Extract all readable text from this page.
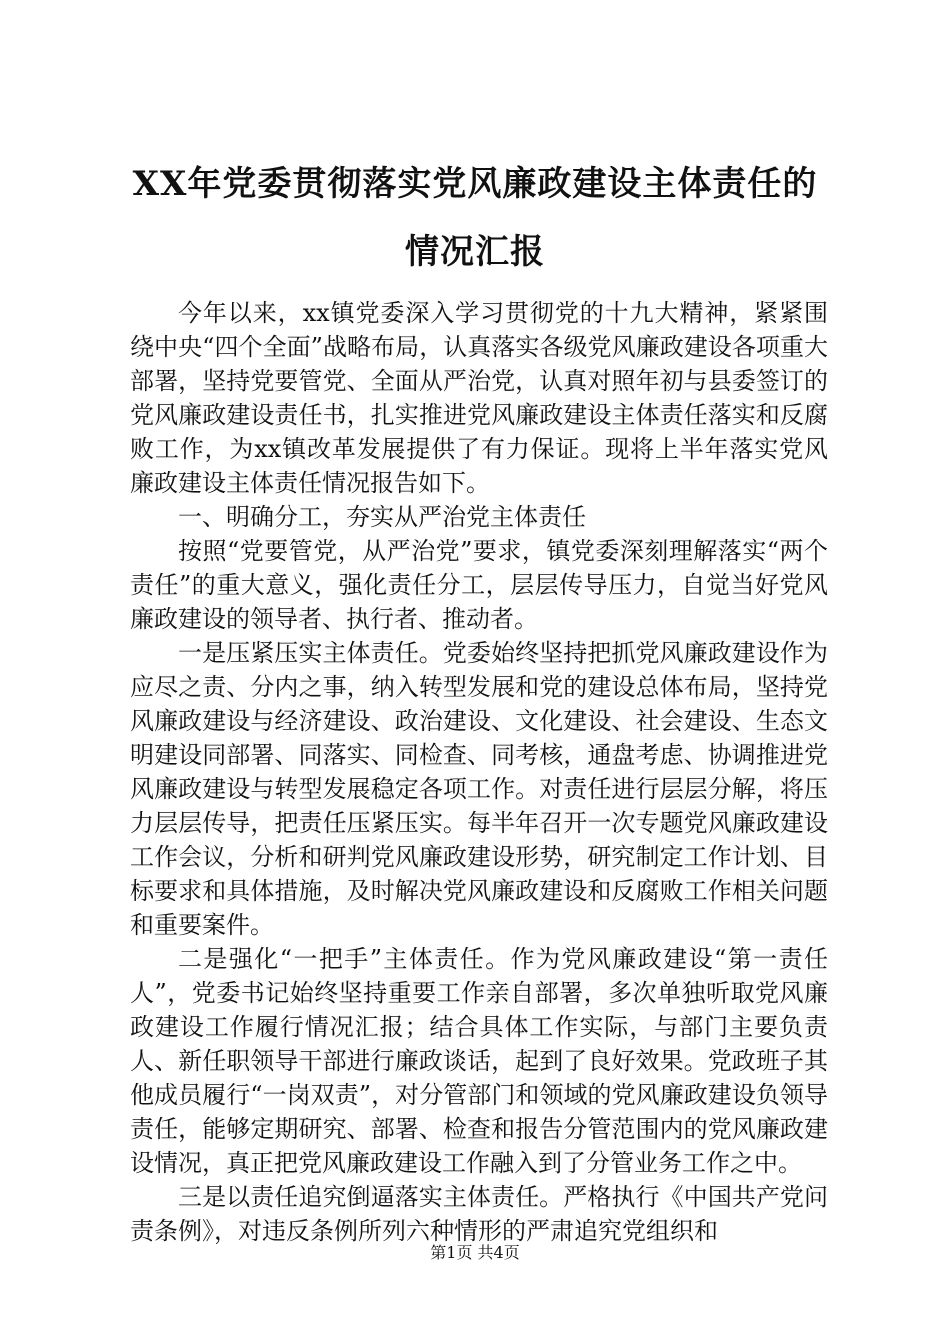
XX年党委贯彻落实党风廉政建设主体责任的
情况汇报

今年以来，xx镇党委深入学习贯彻党的十九大精神，紧紧围绕中央“四个全面”战略布局，认真落实各级党风廉政建设各项重大部署，坚持党要管党、全面从严治党，认真对照年初与县委签订的党风廉政建设责任书，扎实推进党风廉政建设主体责任落实和反腐败工作，为xx镇改革发展提供了有力保证。现将上半年落实党风廉政建设主体责任情况报告如下。

一、明确分工，夯实从严治党主体责任

按照“党要管党，从严治党”要求，镇党委深刻理解落实“两个责任”的重大意义，强化责任分工，层层传导压力，自觉当好党风廉政建设的领导者、执行者、推动者。

一是压紧压实主体责任。党委始终坚持把抓党风廉政建设作为应尽之责、分内之事，纳入转型发展和党的建设总体布局，坚持党风廉政建设与经济建设、政治建设、文化建设、社会建设、生态文明建设同部署、同落实、同检查、同考核，通盘考虑、协调推进党风廉政建设与转型发展稳定各项工作。对责任进行层层分解，将压力层层传导，把责任压紧压实。每半年召开一次专题党风廉政建设工作会议，分析和研判党风廉政建设形势，研究制定工作计划、目标要求和具体措施，及时解决党风廉政建设和反腐败工作相关问题和重要案件。

二是强化“一把手”主体责任。作为党风廉政建设“第一责任人”，党委书记始终坚持重要工作亲自部署，多次单独听取党风廉政建设工作履行情况汇报；结合具体工作实际，与部门主要负责人、新任职领导干部进行廉政谈话，起到了良好效果。党政班子其他成员履行“一岗双责”，对分管部门和领域的党风廉政建设负领导责任，能够定期研究、部署、检查和报告分管范围内的党风廉政建设情况，真正把党风廉政建设工作融入到了分管业务工作之中。

三是以责任追究倒逼落实主体责任。严格执行《中国共产党问责条例》，对违反条例所列六种情形的严肃追究党组织和

第1页 共4页
